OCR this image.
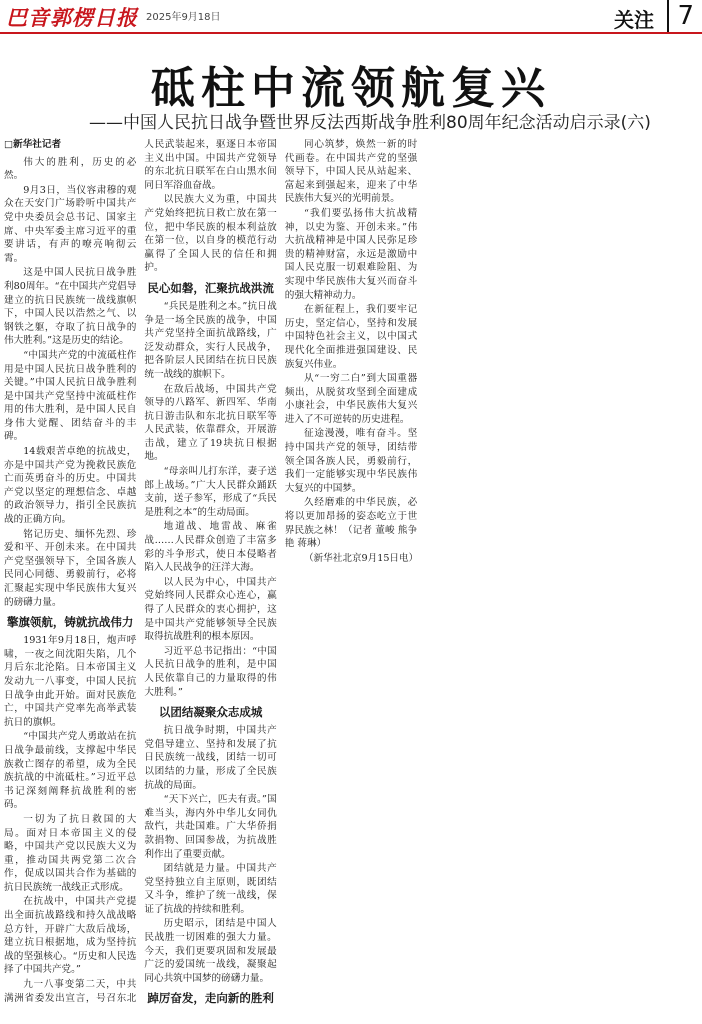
巴音郭楞日报 2025年9月18日	关注 7
砥柱中流领航复兴
——中国人民抗日战争暨世界反法西斯战争胜利80周年纪念活动启示录(六)

□新华社记者

伟大的胜利，历史的必然。

9月3日，当仪容肃穆的观众在天安门广场聆听中国共产党中央委员会总书记、国家主席、中央军委主席习近平的重要讲话，有声的嘹亮响彻云霄。

这是中国人民抗日战争胜利80周年。“在中国共产党倡导建立的抗日民族统一战线旗帜下，中国人民以浩然之气、以钢铁之躯，夺取了抗日战争的伟大胜利。”这是历史的结论。

“中国共产党的中流砥柱作用是中国人民抗日战争胜利的关键。”中国人民抗日战争胜利是中国共产党坚持中流砥柱作用的伟大胜利，是中国人民自身伟大觉醒、团结奋斗的丰碑。

14载艰苦卓绝的抗战史，亦是中国共产党为挽救民族危亡而英勇奋斗的历史。中国共产党以坚定的理想信念、卓越的政治领导力，指引全民族抗战的正确方向。

铭记历史、缅怀先烈、珍爱和平、开创未来。在中国共产党坚强领导下，全国各族人民同心同德、勇毅前行，必将汇聚起实现中华民族伟大复兴的磅礴力量。

擎旗领航，铸就抗战伟力

1931年9月18日，炮声呼啸，一夜之间沈阳失陷，几个月后东北沦陷。日本帝国主义发动九一八事变，中国人民抗日战争由此开始。面对民族危亡，中国共产党率先高举武装抗日的旗帜。

“中国共产党人勇敢站在抗日战争最前线，支撑起中华民族救亡图存的希望，成为全民族抗战的中流砥柱。”习近平总书记深刻阐释抗战胜利的密码。

一切为了抗日救国的大局。面对日本帝国主义的侵略，中国共产党以民族大义为重，推动国共两党第二次合作，促成以国共合作为基础的抗日民族统一战线正式形成。

在抗战中，中国共产党提出全面抗战路线和持久战战略总方针，开辟广大敌后战场，建立抗日根据地，成为坚持抗战的坚强核心。“历史和人民选择了中国共产党。”

九一八事变第二天，中共满洲省委发出宣言，号召东北人民武装起来，驱逐日本帝国主义出中国。中国共产党领导的东北抗日联军在白山黑水间同日军浴血奋战。

以民族大义为重，中国共产党始终把抗日救亡放在第一位，把中华民族的根本利益放在第一位，以自身的模范行动赢得了全国人民的信任和拥护。

民心如磐，汇聚抗战洪流

“兵民是胜利之本。”抗日战争是一场全民族的战争，中国共产党坚持全面抗战路线，广泛发动群众，实行人民战争，把各阶层人民团结在抗日民族统一战线的旗帜下。

在敌后战场，中国共产党领导的八路军、新四军、华南抗日游击队和东北抗日联军等人民武装，依靠群众，开展游击战，建立了19块抗日根据地。

“母亲叫儿打东洋，妻子送郎上战场。”广大人民群众踊跃支前，送子参军，形成了“兵民是胜利之本”的生动局面。

地道战、地雷战、麻雀战……人民群众创造了丰富多彩的斗争形式，使日本侵略者陷入人民战争的汪洋大海。

以人民为中心，中国共产党始终同人民群众心连心，赢得了人民群众的衷心拥护，这是中国共产党能够领导全民族取得抗战胜利的根本原因。

习近平总书记指出：“中国人民抗日战争的胜利，是中国人民依靠自己的力量取得的伟大胜利。”

以团结凝聚众志成城

抗日战争时期，中国共产党倡导建立、坚持和发展了抗日民族统一战线，团结一切可以团结的力量，形成了全民族抗战的局面。

“天下兴亡，匹夫有责。”国难当头，海内外中华儿女同仇敌忾，共赴国难。广大华侨捐款捐物、回国参战，为抗战胜利作出了重要贡献。

团结就是力量。中国共产党坚持独立自主原则，既团结又斗争，维护了统一战线，保证了抗战的持续和胜利。

历史昭示，团结是中国人民战胜一切困难的强大力量。今天，我们更要巩固和发展最广泛的爱国统一战线，凝聚起同心共筑中国梦的磅礴力量。

踔厉奋发，走向新的胜利

同心筑梦，焕然一新的时代画卷。在中国共产党的坚强领导下，中国人民从站起来、富起来到强起来，迎来了中华民族伟大复兴的光明前景。

“我们要弘扬伟大抗战精神，以史为鉴、开创未来。”伟大抗战精神是中国人民弥足珍贵的精神财富，永远是激励中国人民克服一切艰难险阻、为实现中华民族伟大复兴而奋斗的强大精神动力。

在新征程上，我们要牢记历史，坚定信心，坚持和发展中国特色社会主义，以中国式现代化全面推进强国建设、民族复兴伟业。

从“一穷二白”到大国重器频出，从脱贫攻坚到全面建成小康社会，中华民族伟大复兴进入了不可逆转的历史进程。

征途漫漫，唯有奋斗。坚持中国共产党的领导，团结带领全国各族人民，勇毅前行，我们一定能够实现中华民族伟大复兴的中国梦。

久经磨难的中华民族，必将以更加昂扬的姿态屹立于世界民族之林！（记者 董峻 熊争艳 蒋琳）

（新华社北京9月15日电）
